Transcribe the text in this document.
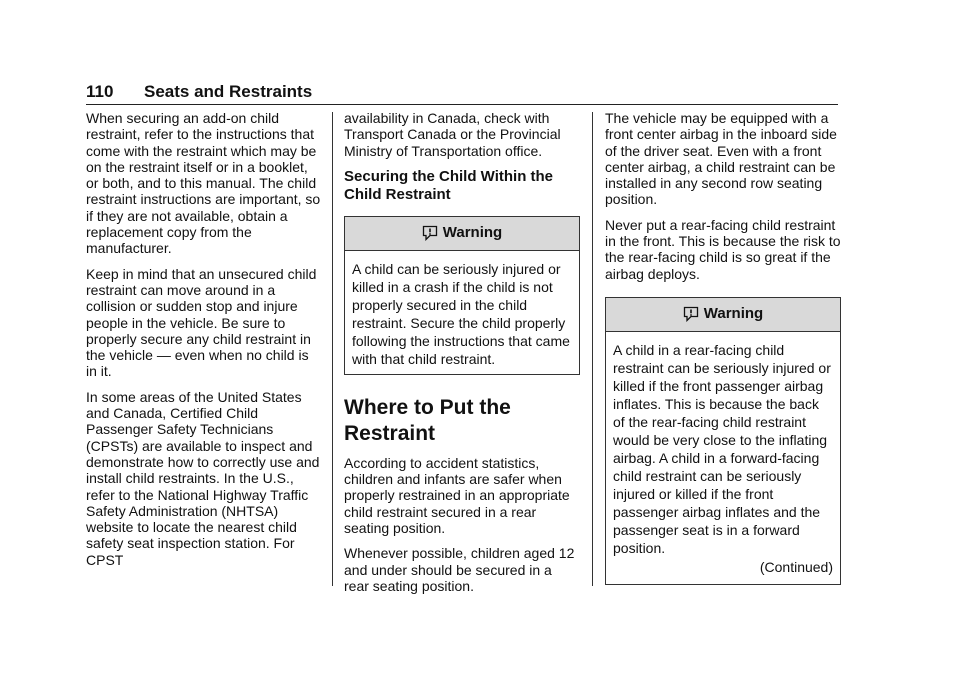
110 Seats and Restraints

When securing an add-on child restraint, refer to the instructions that come with the restraint which may be on the restraint itself or in a booklet, or both, and to this manual. The child restraint instructions are important, so if they are not available, obtain a replacement copy from the manufacturer.

Keep in mind that an unsecured child restraint can move around in a collision or sudden stop and injure people in the vehicle. Be sure to properly secure any child restraint in the vehicle — even when no child is in it.

In some areas of the United States and Canada, Certified Child Passenger Safety Technicians (CPSTs) are available to inspect and demonstrate how to correctly use and install child restraints. In the U.S., refer to the National Highway Traffic Safety Administration (NHTSA) website to locate the nearest child safety seat inspection station. For CPST

availability in Canada, check with Transport Canada or the Provincial Ministry of Transportation office.

Securing the Child Within the Child Restraint
Warning
A child can be seriously injured or killed in a crash if the child is not properly secured in the child restraint. Secure the child properly following the instructions that came with that child restraint.
Where to Put the Restraint

According to accident statistics, children and infants are safer when properly restrained in an appropriate child restraint secured in a rear seating position.

Whenever possible, children aged 12 and under should be secured in a rear seating position.

The vehicle may be equipped with a front center airbag in the inboard side of the driver seat. Even with a front center airbag, a child restraint can be installed in any second row seating position.

Never put a rear-facing child restraint in the front. This is because the risk to the rear-facing child is so great if the airbag deploys.

Warning
A child in a rear-facing child restraint can be seriously injured or killed if the front passenger airbag inflates. This is because the back of the rear-facing child restraint would be very close to the inflating airbag. A child in a forward-facing child restraint can be seriously injured or killed if the front passenger airbag inflates and the passenger seat is in a forward position.
(Continued)
